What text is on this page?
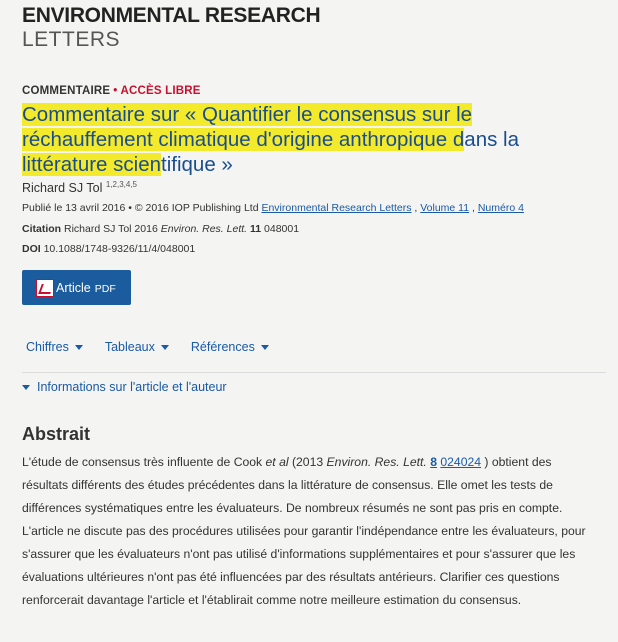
ENVIRONMENTAL RESEARCH
LETTERS
COMMENTAIRE • ACCÈS LIBRE
Commentaire sur « Quantifier le consensus sur le
réchauffement climatique d'origine anthropique dans la
littérature scientifique »
Richard SJ Tol $^{1,2,3,4,5}$
Publié le 13 avril 2016 • © 2016 IOP Publishing Ltd Environmental Research Letters , Volume 11 , Numéro 4
Citation Richard SJ Tol 2016 Environ. Res. Lett. 11 048001
DOI 10.1088/1748-9326/11/4/048001
Article PDF
Chiffres	Tableaux	Références
Informations sur l'article et l'auteur
Abstrait

L'étude de consensus très influente de Cook et al (2013 Environ. Res. Lett. 8 024024 ) obtient des résultats différents des études précédentes dans la littérature de consensus. Elle omet les tests de différences systématiques entre les évaluateurs. De nombreux résumés ne sont pas pris en compte. L'article ne discute pas des procédures utilisées pour garantir l'indépendance entre les évaluateurs, pour s'assurer que les évaluateurs n'ont pas utilisé d'informations supplémentaires et pour s'assurer que les évaluations ultérieures n'ont pas été influencées par des résultats antérieurs. Clarifier ces questions renforcerait davantage l'article et l'établirait comme notre meilleure estimation du consensus.
